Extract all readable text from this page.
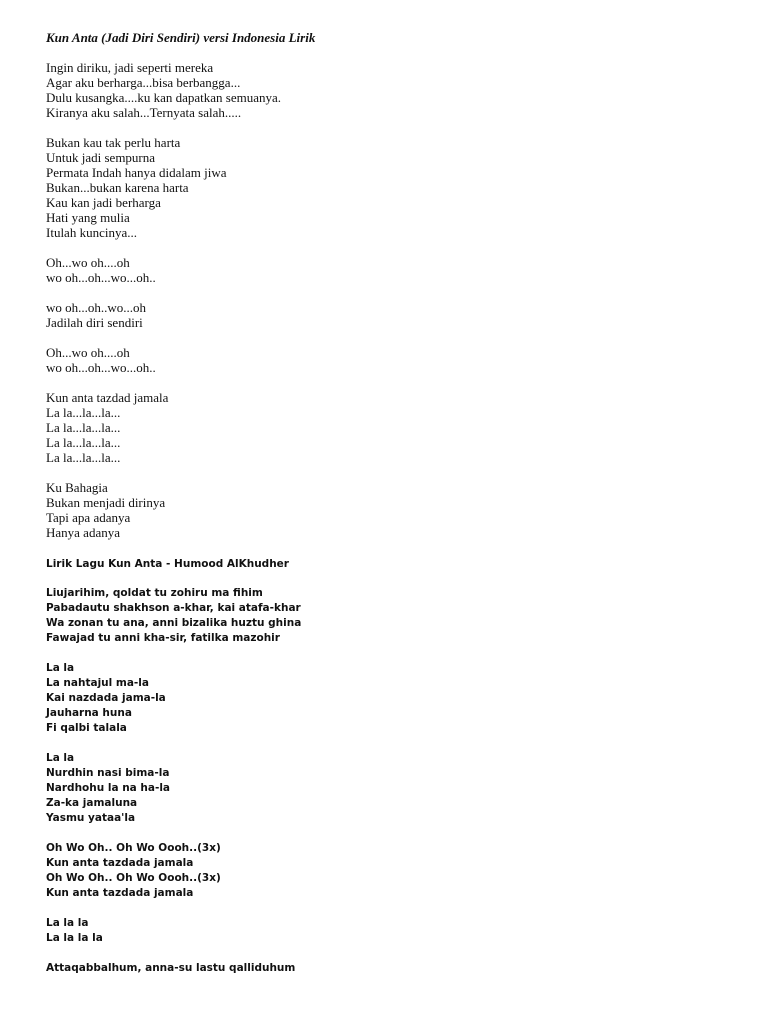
Kun Anta (Jadi Diri Sendiri) versi Indonesia Lirik
Ingin diriku, jadi seperti mereka
Agar aku berharga...bisa berbangga...
Dulu kusangka....ku kan dapatkan semuanya.
Kiranya aku salah...Ternyata salah.....
Bukan kau tak perlu harta
Untuk jadi sempurna
Permata Indah hanya didalam jiwa
Bukan...bukan karena harta
Kau kan jadi berharga
Hati yang mulia
Itulah kuncinya...
Oh...wo oh....oh
wo oh...oh...wo...oh..
wo oh...oh..wo...oh
Jadilah diri sendiri
Oh...wo oh....oh
wo oh...oh...wo...oh..
Kun anta tazdad jamala
La la...la...la...
La la...la...la...
La la...la...la...
La la...la...la...
Ku Bahagia
Bukan menjadi dirinya
Tapi apa adanya
Hanya adanya
Lirik Lagu Kun Anta - Humood AlKhudher
Liujarihim, qoldat tu zohiru ma fihim
Pabadautu shakhson a-khar, kai atafa-khar
Wa zonan tu ana, anni bizalika huztu ghina
Fawajad tu anni kha-sir, fatilka mazohir
La la
La nahtajul ma-la
Kai nazdada jama-la
Jauharna huna
Fi qalbi talala
La la
Nurdhin nasi bima-la
Nardhohu la na ha-la
Za-ka jamaluna
Yasmu yataa'la
Oh Wo Oh.. Oh Wo Oooh..(3x)
Kun anta tazdada jamala
Oh Wo Oh.. Oh Wo Oooh..(3x)
Kun anta tazdada jamala
La la la
La la la la
Attaqabbalhum, anna-su lastu qalliduhum
